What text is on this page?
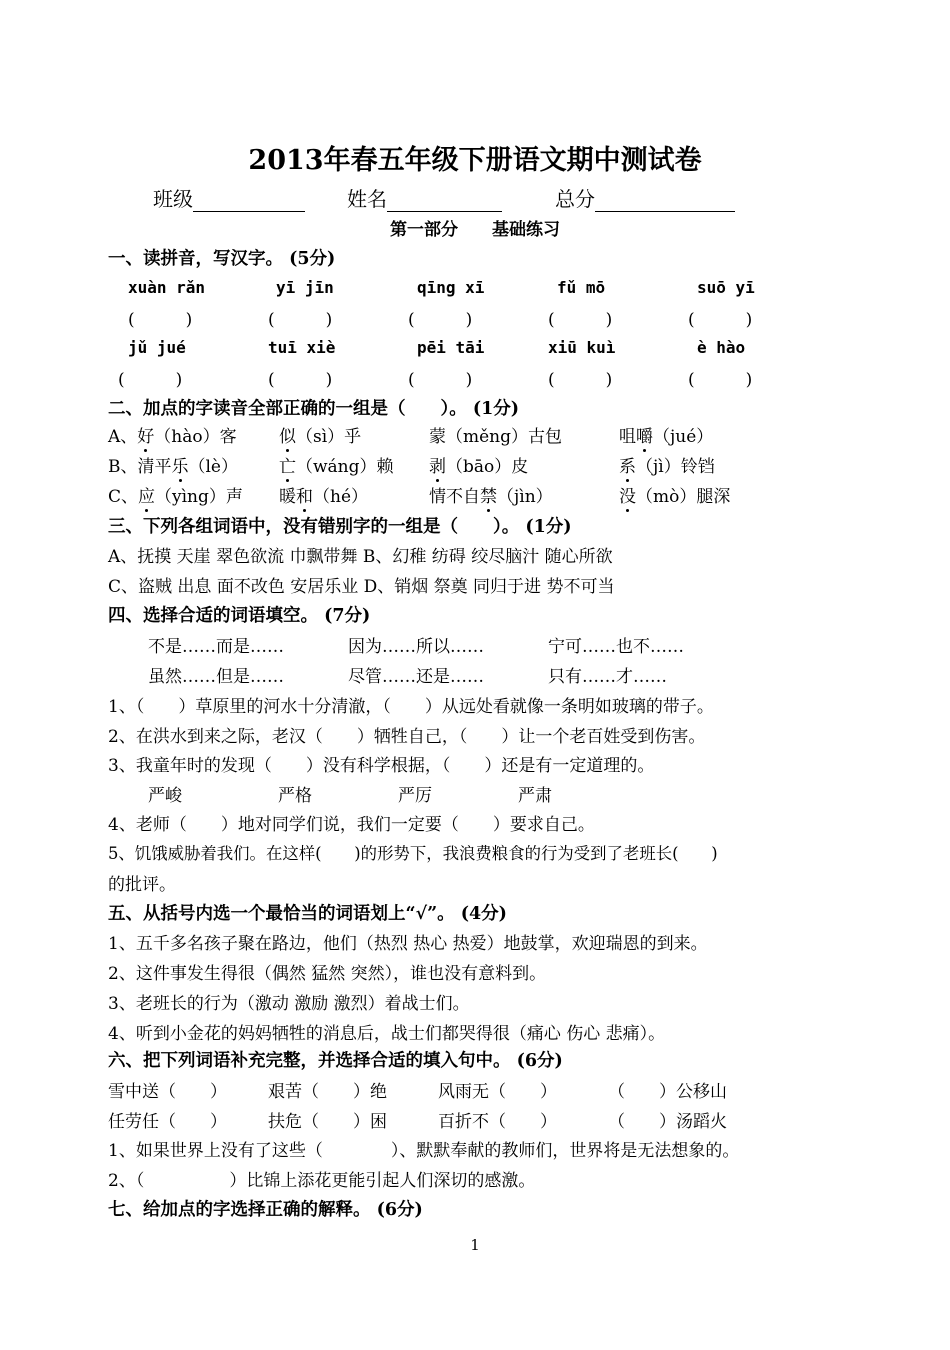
2013年春五年级下册语文期中测试卷
班级	姓名	总分
第一部分　　基础练习
一、读拼音，写汉字。 (5分)
xuàn rǎn	yī jīn	qīng xī	fǔ mō	suō yī
(　　　)	(　　　)	(　　　)	(　　　)	(　　　)
jǔ jué	tuī xiè	pēi tāi	xiū kuì	è hào
(　　　)	(　　　)	(　　　)	(　　　)	(　　　)
二、加点的字读音全部正确的一组是（　　）。 (1分)
A、好（hào）客 似（sì）乎	蒙（měng）古包	咀嚼（jué）
B、清平乐（lè） 亡（wáng）赖 剥（bāo）皮	系（jì）铃铛
C、应（yìng）声 暖和（hé）	情不自禁（jìn）	没（mò）腿深
三、下列各组词语中，没有错别字的一组是（　　）。 (1分)
A、抚摸 天崖 翠色欲流 巾飘带舞 B、幻稚 纺碍 绞尽脑汁 随心所欲
C、盗贼 出息 面不改色 安居乐业 D、销烟 祭奠 同归于进 势不可当
四、选择合适的词语填空。 (7分)
不是……而是……	因为……所以……	宁可……也不……
虽然……但是……	尽管……还是……	只有……才……
1、（　　）草原里的河水十分清澈，（　　）从远处看就像一条明如玻璃的带子。
2、在洪水到来之际，老汉（　　）牺牲自己，（　　）让一个老百姓受到伤害。
3、我童年时的发现（　　）没有科学根据，（　　）还是有一定道理的。
严峻	严格	严厉	严肃
4、老师（　　）地对同学们说，我们一定要（　　）要求自己。
5、饥饿威胁着我们。在这样(　　)的形势下，我浪费粮食的行为受到了老班长(　　)
的批评。
五、从括号内选一个最恰当的词语划上“√”。 (4分)
1、五千多名孩子聚在路边，他们（热烈 热心 热爱）地鼓掌，欢迎瑞恩的到来。
2、这件事发生得很（偶然 猛然 突然），谁也没有意料到。
3、老班长的行为（激动 激励 激烈）着战士们。
4、听到小金花的妈妈牺牲的消息后，战士们都哭得很（痛心 伤心 悲痛）。
六、把下列词语补充完整，并选择合适的填入句中。 (6分)
雪中送（　　） 艰苦（　　）绝	风雨无（　　）	（　　）公移山
任劳任（　　） 扶危（　　）困	百折不（　　）	（　　）汤蹈火
1、如果世界上没有了这些（　　　　）、默默奉献的教师们，世界将是无法想象的。
2、（　　　　　）比锦上添花更能引起人们深切的感激。
七、给加点的字选择正确的解释。 (6分)
1
